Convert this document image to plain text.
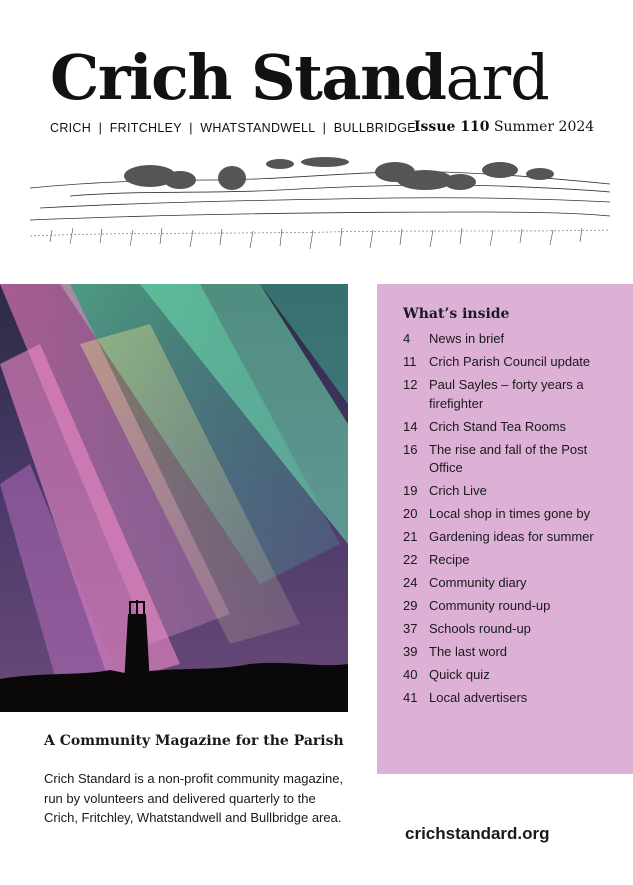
Crich Standard
CRICH  |  FRITCHLEY  |  WHATSTANDWELL  |  BULLBRIDGE
Issue 110 Summer 2024
What’s inside
4	News in brief
11 Crich Parish Council update
12 Paul Sayles – forty years a firefighter
14 Crich Stand Tea Rooms
16 The rise and fall of the Post Office
19 Crich Live
20 Local shop in times gone by
21 Gardening ideas for summer
22 Recipe
24 Community diary
29 Community round-up
37 Schools round-up
39 The last word
40 Quick quiz
41 Local advertisers
A Community Magazine for the Parish
Crich Standard is a non-profit community magazine, run by volunteers and delivered quarterly to the Crich, Fritchley, Whatstandwell and Bullbridge area.
crichstandard.org
